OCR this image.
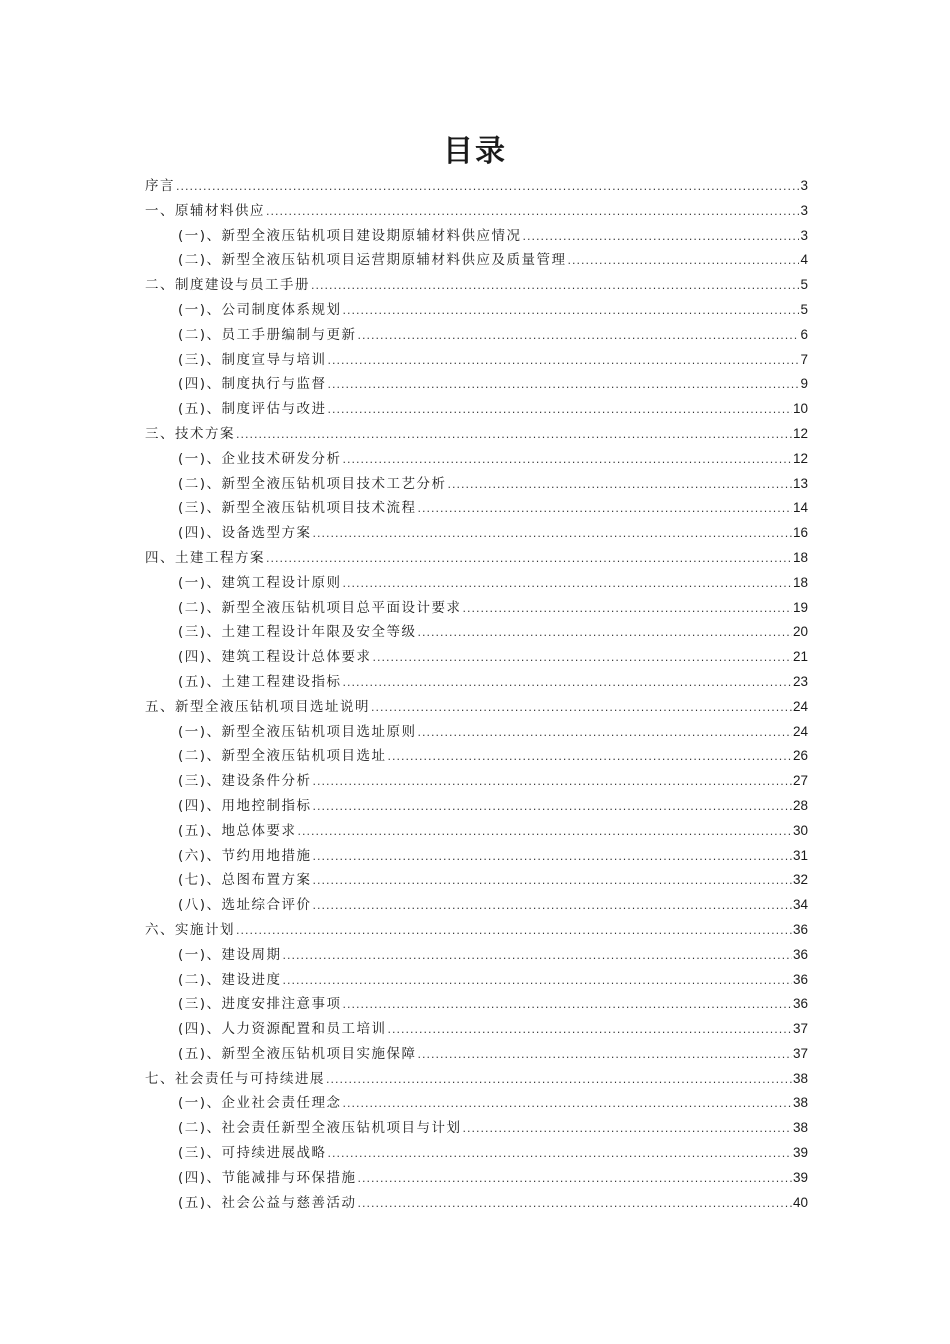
目录
序言 .....	3
一、原辅材料供应 .....	3
(一)、新型全液压钻机项目建设期原辅材料供应情况 .....	3
(二)、新型全液压钻机项目运营期原辅材料供应及质量管理 .....	4
二、制度建设与员工手册 .....	5
(一)、公司制度体系规划 .....	5
(二)、员工手册编制与更新 .....	6
(三)、制度宣导与培训 .....	7
(四)、制度执行与监督 .....	9
(五)、制度评估与改进 .....	10
三、技术方案 .....	12
(一)、企业技术研发分析 .....	12
(二)、新型全液压钻机项目技术工艺分析 .....	13
(三)、新型全液压钻机项目技术流程 .....	14
(四)、设备选型方案 .....	16
四、土建工程方案 .....	18
(一)、建筑工程设计原则 .....	18
(二)、新型全液压钻机项目总平面设计要求 .....	19
(三)、土建工程设计年限及安全等级 .....	20
(四)、建筑工程设计总体要求 .....	21
(五)、土建工程建设指标 .....	23
五、新型全液压钻机项目选址说明 .....	24
(一)、新型全液压钻机项目选址原则 .....	24
(二)、新型全液压钻机项目选址 .....	26
(三)、建设条件分析 .....	27
(四)、用地控制指标 .....	28
(五)、地总体要求 .....	30
(六)、节约用地措施 .....	31
(七)、总图布置方案 .....	32
(八)、选址综合评价 .....	34
六、实施计划 .....	36
(一)、建设周期 .....	36
(二)、建设进度 .....	36
(三)、进度安排注意事项 .....	36
(四)、人力资源配置和员工培训 .....	37
(五)、新型全液压钻机项目实施保障 .....	37
七、社会责任与可持续进展 .....	38
(一)、企业社会责任理念 .....	38
(二)、社会责任新型全液压钻机项目与计划 .....	38
(三)、可持续进展战略 .....	39
(四)、节能减排与环保措施 .....	39
(五)、社会公益与慈善活动 .....	40
